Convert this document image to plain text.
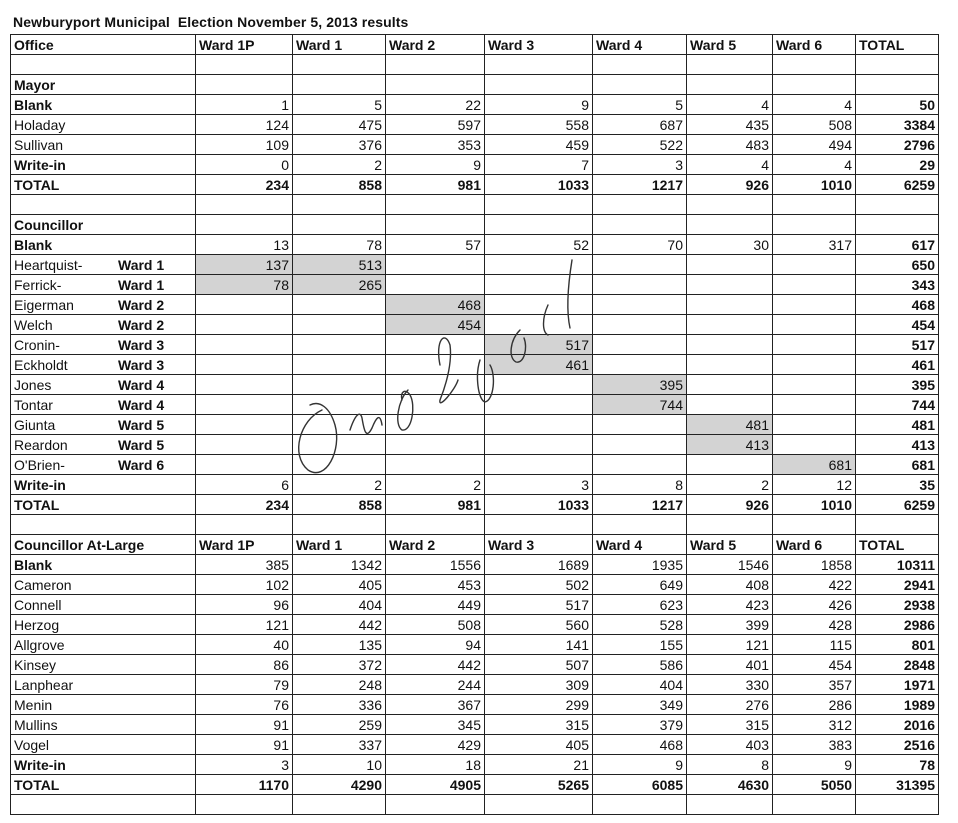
Newburyport Municipal  Election November 5, 2013 results
Office	Ward 1P	Ward 1	Ward 2	Ward 3	Ward 4	Ward 5	Ward 6	TOTAL

Mayor								
Blank	1	5	22	9	5	4	4	50
Holaday	124	475	597	558	687	435	508	3384
Sullivan	109	376	353	459	522	483	494	2796
Write-in	0	2	9	7	3	4	4	29
TOTAL	234	858	981	1033	1217	926	1010	6259

Councillor								
Blank	13	78	57	52	70	30	317	617
Heartquist- Ward 1	137	513						650
Ferrick- Ward 1	78	265						343
Eigerman Ward 2			468					468
Welch Ward 2			454					454
Cronin- Ward 3				517				517
Eckholdt Ward 3				461				461
Jones Ward 4					395			395
Tontar Ward 4					744			744
Giunta Ward 5						481		481
Reardon Ward 5						413		413
O'Brien- Ward 6							681	681
Write-in	6	2	2	3	8	2	12	35
TOTAL	234	858	981	1033	1217	926	1010	6259

Councillor At-Large	Ward 1P	Ward 1	Ward 2	Ward 3	Ward 4	Ward 5	Ward 6	TOTAL
Blank	385	1342	1556	1689	1935	1546	1858	10311
Cameron	102	405	453	502	649	408	422	2941
Connell	96	404	449	517	623	423	426	2938
Herzog	121	442	508	560	528	399	428	2986
Allgrove	40	135	94	141	155	121	115	801
Kinsey	86	372	442	507	586	401	454	2848
Lanphear	79	248	244	309	404	330	357	1971
Menin	76	336	367	299	349	276	286	1989
Mullins	91	259	345	315	379	315	312	2016
Vogel	91	337	429	405	468	403	383	2516
Write-in	3	10	18	21	9	8	9	78
TOTAL	1170	4290	4905	5265	6085	4630	5050	31395
